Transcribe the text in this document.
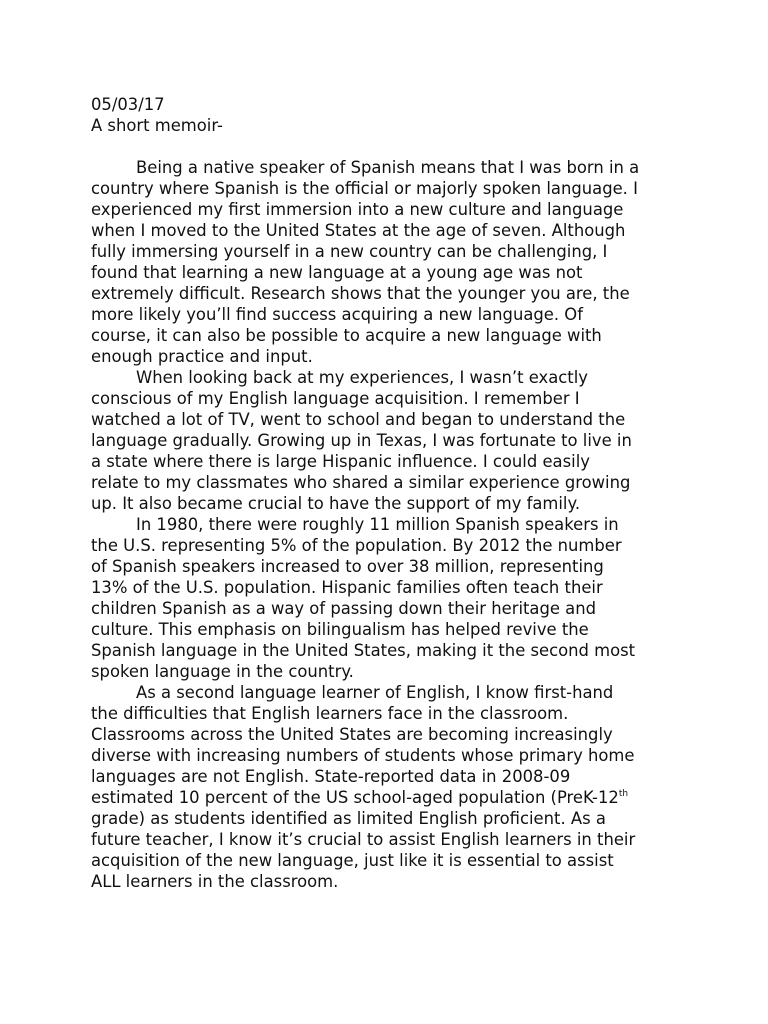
05/03/17

A short memoir-

Being a native speaker of Spanish means that I was born in a

country where Spanish is the official or majorly spoken language. I

experienced my first immersion into a new culture and language

when I moved to the United States at the age of seven. Although

fully immersing yourself in a new country can be challenging, I

found that learning a new language at a young age was not

extremely difficult. Research shows that the younger you are, the

more likely you’ll find success acquiring a new language. Of

course, it can also be possible to acquire a new language with

enough practice and input.

When looking back at my experiences, I wasn’t exactly

conscious of my English language acquisition. I remember I

watched a lot of TV, went to school and began to understand the

language gradually. Growing up in Texas, I was fortunate to live in

a state where there is large Hispanic influence. I could easily

relate to my classmates who shared a similar experience growing

up. It also became crucial to have the support of my family.

In 1980, there were roughly 11 million Spanish speakers in

the U.S. representing 5% of the population. By 2012 the number

of Spanish speakers increased to over 38 million, representing

13% of the U.S. population. Hispanic families often teach their

children Spanish as a way of passing down their heritage and

culture. This emphasis on bilingualism has helped revive the

Spanish language in the United States, making it the second most

spoken language in the country.

As a second language learner of English, I know first-hand

the difficulties that English learners face in the classroom.

Classrooms across the United States are becoming increasingly

diverse with increasing numbers of students whose primary home

languages are not English. State-reported data in 2008-09

estimated 10 percent of the US school-aged population (PreK-12th

grade) as students identified as limited English proficient. As a

future teacher, I know it’s crucial to assist English learners in their

acquisition of the new language, just like it is essential to assist

ALL learners in the classroom.
